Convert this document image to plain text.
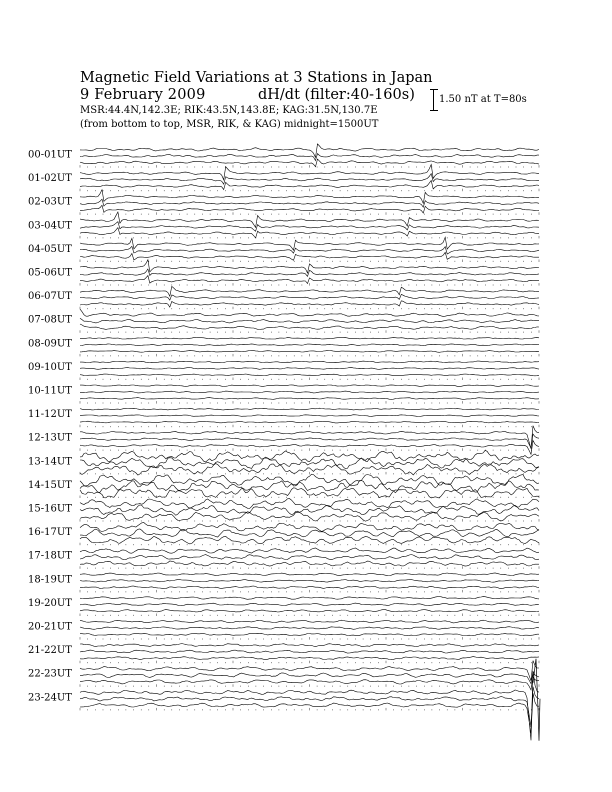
Magnetic Field Variations at 3 Stations in Japan
9 February 2009	dH/dt (filter:40-160s)
MSR:44.4N,142.3E; RIK:43.5N,143.8E; KAG:31.5N,130.7E
(from bottom to top, MSR, RIK, & KAG) midnight=1500UT
1.50 nT at T=80s
00-01UT
01-02UT
02-03UT
03-04UT
04-05UT
05-06UT
06-07UT
07-08UT
08-09UT
09-10UT
10-11UT
11-12UT
12-13UT
13-14UT
14-15UT
15-16UT
16-17UT
17-18UT
18-19UT
19-20UT
20-21UT
21-22UT
22-23UT
23-24UT
